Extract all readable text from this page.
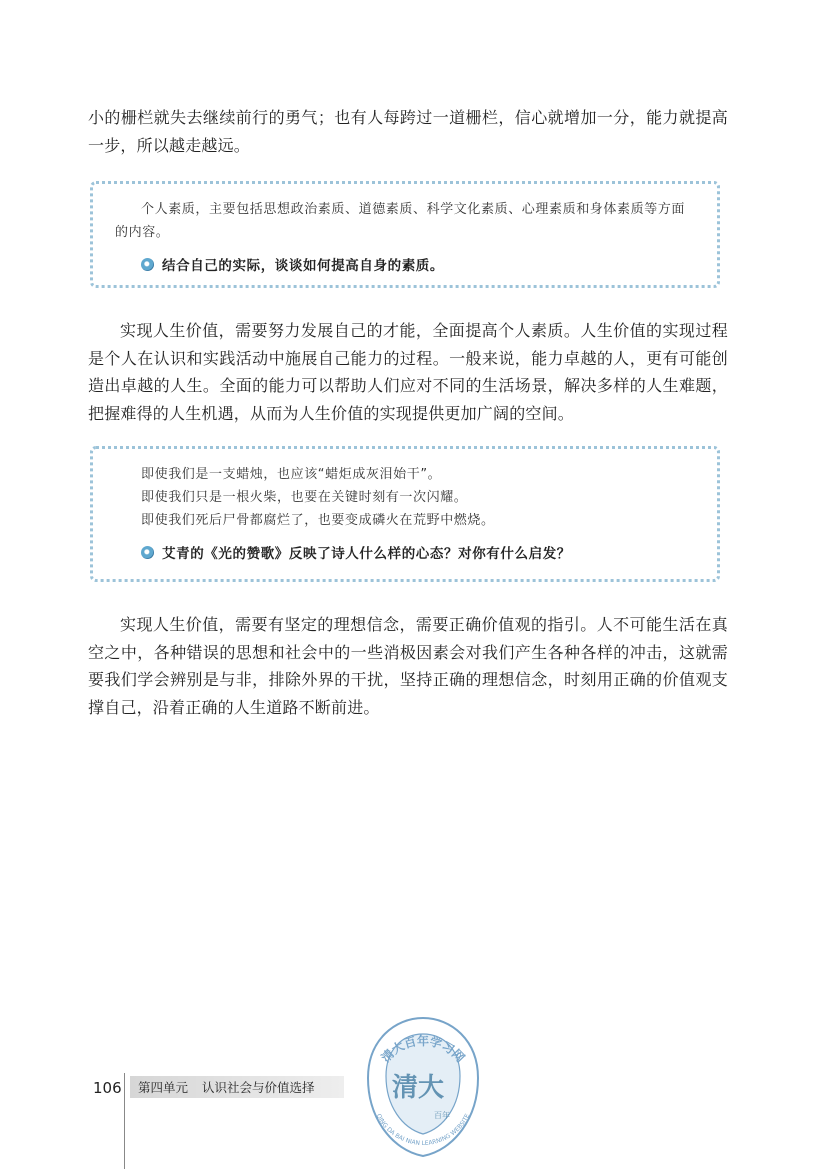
小的栅栏就失去继续前行的勇气；也有人每跨过一道栅栏，信心就增加一分，能力就提高一步，所以越走越远。

个人素质，主要包括思想政治素质、道德素质、科学文化素质、心理素质和身体素质等方面的内容。

结合自己的实际，谈谈如何提高自身的素质。

实现人生价值，需要努力发展自己的才能，全面提高个人素质。人生价值的实现过程是个人在认识和实践活动中施展自己能力的过程。一般来说，能力卓越的人，更有可能创造出卓越的人生。全面的能力可以帮助人们应对不同的生活场景，解决多样的人生难题，把握难得的人生机遇，从而为人生价值的实现提供更加广阔的空间。

即使我们是一支蜡烛，也应该“蜡炬成灰泪始干”。

即使我们只是一根火柴，也要在关键时刻有一次闪耀。

即使我们死后尸骨都腐烂了，也要变成磷火在荒野中燃烧。

艾青的《光的赞歌》反映了诗人什么样的心态？对你有什么启发？

实现人生价值，需要有坚定的理想信念，需要正确价值观的指引。人不可能生活在真空之中，各种错误的思想和社会中的一些消极因素会对我们产生各种各样的冲击，这就需要我们学会辨别是与非，排除外界的干扰，坚持正确的理想信念，时刻用正确的价值观支撑自己，沿着正确的人生道路不断前进。

106 第四单元 认识社会与价值选择
清大百年学习网
QING DA BAI NIAN LEARNING WEBSITE
清大
百年
